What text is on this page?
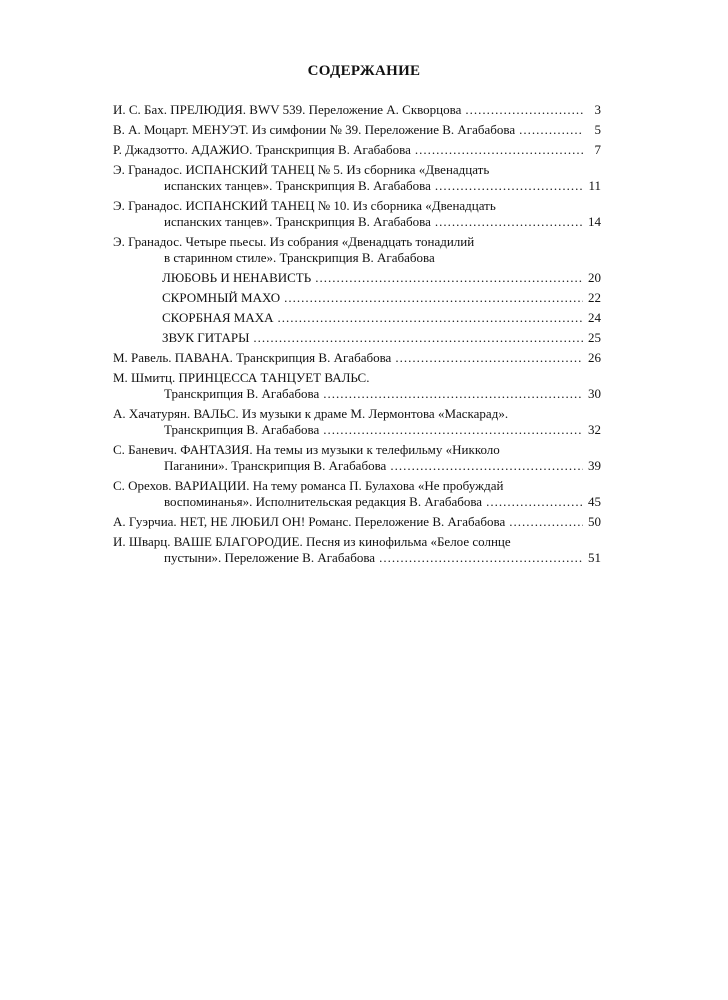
СОДЕРЖАНИЕ
И. С. Бах. ПРЕЛЮДИЯ. BWV 539. Переложение А. Скворцова .....	3
В. А. Моцарт. МЕНУЭТ. Из симфонии № 39. Переложение В. Агабабова .....	5
Р. Джадзотто. АДАЖИО. Транскрипция В. Агабабова .....	7
Э. Гранадос. ИСПАНСКИЙ ТАНЕЦ № 5. Из сборника «Двенадцать
испанских танцев». Транскрипция В. Агабабова .....	11
Э. Гранадос. ИСПАНСКИЙ ТАНЕЦ № 10. Из сборника «Двенадцать
испанских танцев». Транскрипция В. Агабабова .....	14
Э. Гранадос. Четыре пьесы. Из собрания «Двенадцать тонадилий
в старинном стиле». Транскрипция В. Агабабова
ЛЮБОВЬ И НЕНАВИСТЬ .....	20
СКРОМНЫЙ МАХО .....	22
СКОРБНАЯ МАХА .....	24
ЗВУК ГИТАРЫ .....	25
М. Равель. ПАВАНА. Транскрипция В. Агабабова .....	26
М. Шмитц. ПРИНЦЕССА ТАНЦУЕТ ВАЛЬС.
Транскрипция В. Агабабова .....	30
А. Хачатурян. ВАЛЬС. Из музыки к драме М. Лермонтова «Маскарад».
Транскрипция В. Агабабова .....	32
С. Баневич. ФАНТАЗИЯ. На темы из музыки к телефильму «Никколо
Паганини». Транскрипция В. Агабабова .....	39
С. Орехов. ВАРИАЦИИ. На тему романса П. Булахова «Не пробуждай
воспоминанья». Исполнительская редакция В. Агабабова .....	45
А. Гуэрчиа. НЕТ, НЕ ЛЮБИЛ ОН! Романс. Переложение В. Агабабова .....	50
И. Шварц. ВАШЕ БЛАГОРОДИЕ. Песня из кинофильма «Белое солнце
пустыни». Переложение В. Агабабова .....	51
